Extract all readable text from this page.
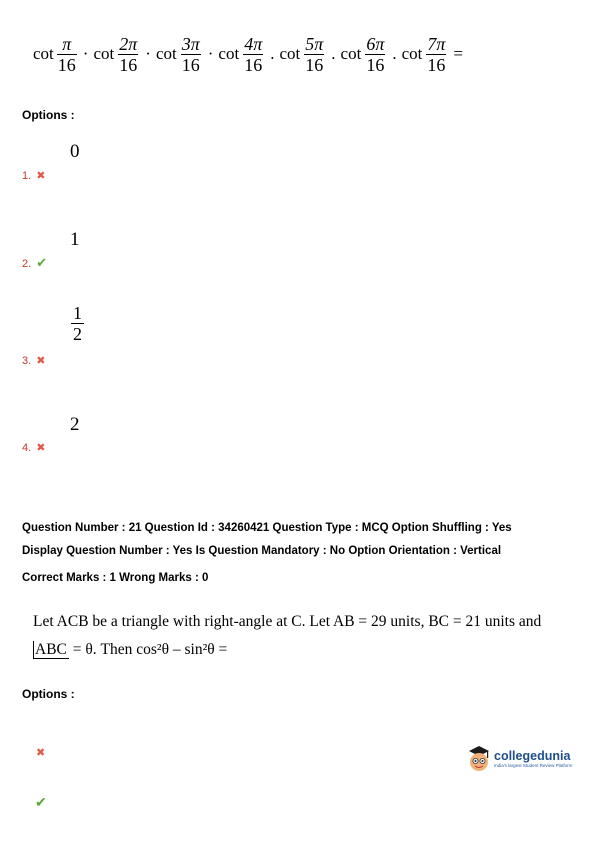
$\cot \frac{\pi}{16} \cdot \cot \frac{2\pi}{16} \cdot \cot \frac{3\pi}{16} \cdot \cot \frac{4\pi}{16}$ . $\cot \frac{5\pi}{16}$ . $\cot \frac{6\pi}{16}$ . $\cot \frac{7\pi}{16}$ =
Options :
0
1. ✖
1
2. ✔
$\frac{1}{2}$
3. ✖
2
4. ✖
Question Number : 21 Question Id : 34260421 Question Type : MCQ Option Shuffling : Yes
Display Question Number : Yes Is Question Mandatory : No Option Orientation : Vertical
Correct Marks : 1 Wrong Marks : 0
Let ACB be a triangle with right-angle at C. Let AB = 29 units, BC = 21 units and
ABC = θ. Then cos²θ – sin²θ =
Options :
✖
✔
collegedunia
India's largest Student Review Platform
